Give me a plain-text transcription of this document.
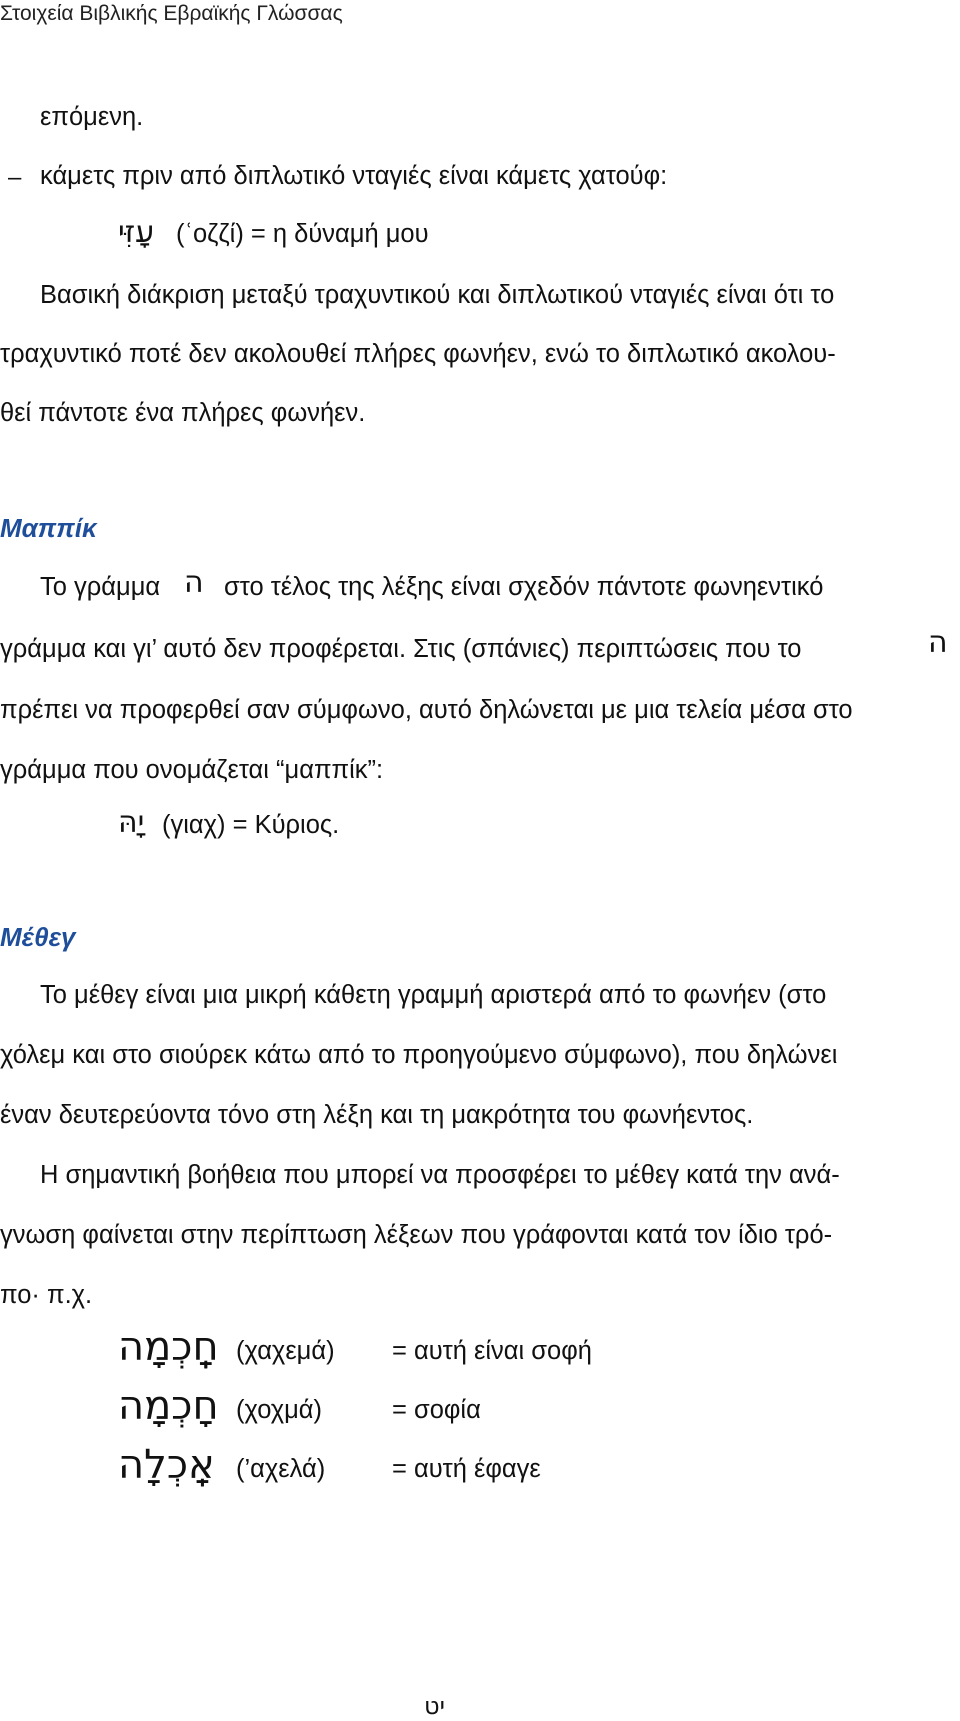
Στοιχεία Βιβλικής Εβραϊκής Γλώσσας
επόμενη.
– κάμετς πριν από διπλωτικό νταγιές είναι κάμετς χατούφ:
עָזִּי (ʿοζζί) = η δύναμή μου
Βασική διάκριση μεταξύ τραχυντικού και διπλωτικού νταγιές είναι ότι το
τραχυντικό ποτέ δεν ακολουθεί πλήρες φωνήεν, ενώ το διπλωτικό ακολου-
θεί πάντοτε ένα πλήρες φωνήεν.
Μαππίκ
Το γράμμα ה στο τέλος της λέξης είναι σχεδόν πάντοτε φωνηεντικό
γράμμα και γι’ αυτό δεν προφέρεται. Στις (σπάνιες) περιπτώσεις που το	ה
πρέπει να προφερθεί σαν σύμφωνο, αυτό δηλώνεται με μια τελεία μέσα στο
γράμμα που ονομάζεται “μαππίκ”:
יָהּ (γιαχ) = Κύριος.
Μέθεγ
Το μέθεγ είναι μια μικρή κάθετη γραμμή αριστερά από το φωνήεν (στο
χόλεμ και στο σιούρεκ κάτω από το προηγούμενο σύμφωνο), που δηλώνει
έναν δευτερεύοντα τόνο στη λέξη και τη μακρότητα του φωνήεντος.
Η σημαντική βοήθεια που μπορεί να προσφέρει το μέθεγ κατά την ανά-
γνωση φαίνεται στην περίπτωση λέξεων που γράφονται κατά τον ίδιο τρό-
πο· π.χ.
חָֽכְמָה (χαχεμά) = αυτή είναι σοφή
חָכְמָה (χοχμά)	= σοφία
אָֽכְלָה (’αχελά)	= αυτή έφαγε
יט
